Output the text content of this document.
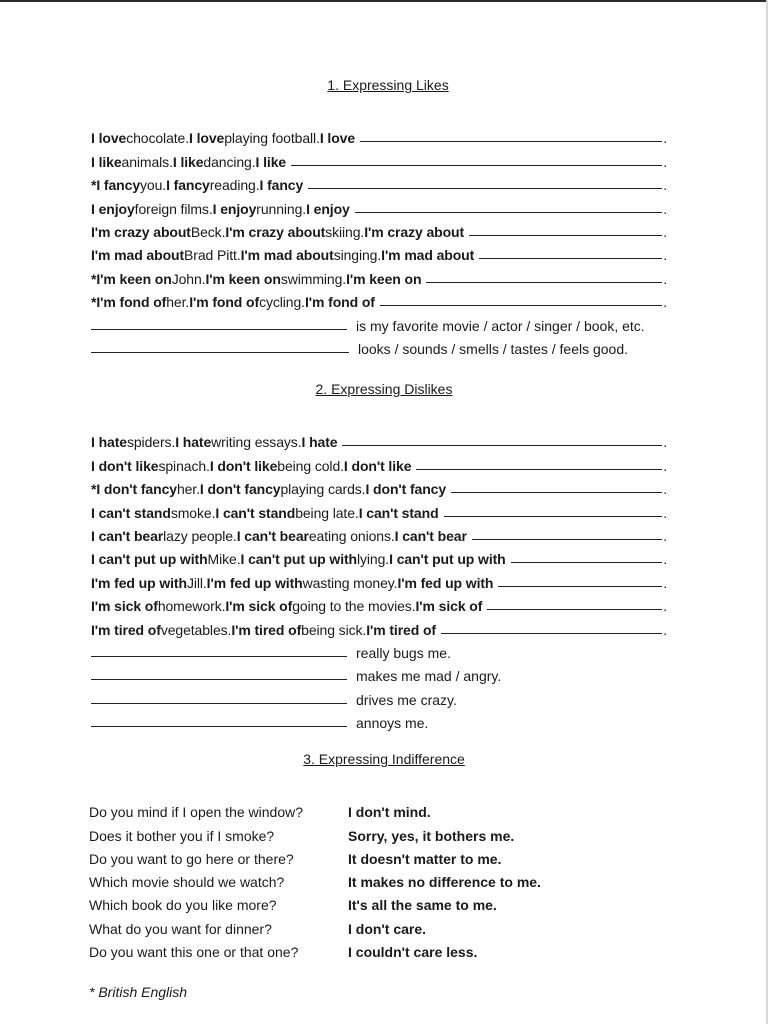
1. Expressing Likes
I love chocolate. I love playing football. I love	.
I like animals. I like dancing. I like	.
*I fancy you. I fancy reading. I fancy	.
I enjoy foreign films. I enjoy running. I enjoy	.
I'm crazy about Beck. I'm crazy about skiing. I'm crazy about	.
I'm mad about Brad Pitt. I'm mad about singing. I'm mad about	.
*I'm keen on John. I'm keen on swimming. I'm keen on	.
*I'm fond of her. I'm fond of cycling. I'm fond of	.
is my favorite movie / actor / singer / book, etc.
looks / sounds / smells / tastes / feels good.
2. Expressing Dislikes
I hate spiders. I hate writing essays. I hate	.
I don't like spinach. I don't like being cold. I don't like	.
*I don't fancy her. I don't fancy playing cards. I don't fancy	.
I can't stand smoke. I can't stand being late. I can't stand	.
I can't bear lazy people. I can't bear eating onions. I can't bear	.
I can't put up with Mike. I can't put up with lying. I can't put up with	.
I'm fed up with Jill. I'm fed up with wasting money. I'm fed up with	.
I'm sick of homework. I'm sick of going to the movies. I'm sick of	.
I'm tired of vegetables. I'm tired of being sick. I'm tired of	.
really bugs me.
makes me mad / angry.
drives me crazy.
annoys me.
3. Expressing Indifference
Do you mind if I open the window?	I don't mind.
Does it bother you if I smoke?	Sorry, yes, it bothers me.
Do you want to go here or there?	It doesn't matter to me.
Which movie should we watch?	It makes no difference to me.
Which book do you like more?	It's all the same to me.
What do you want for dinner?	I don't care.
Do you want this one or that one?	I couldn't care less.
* British English
